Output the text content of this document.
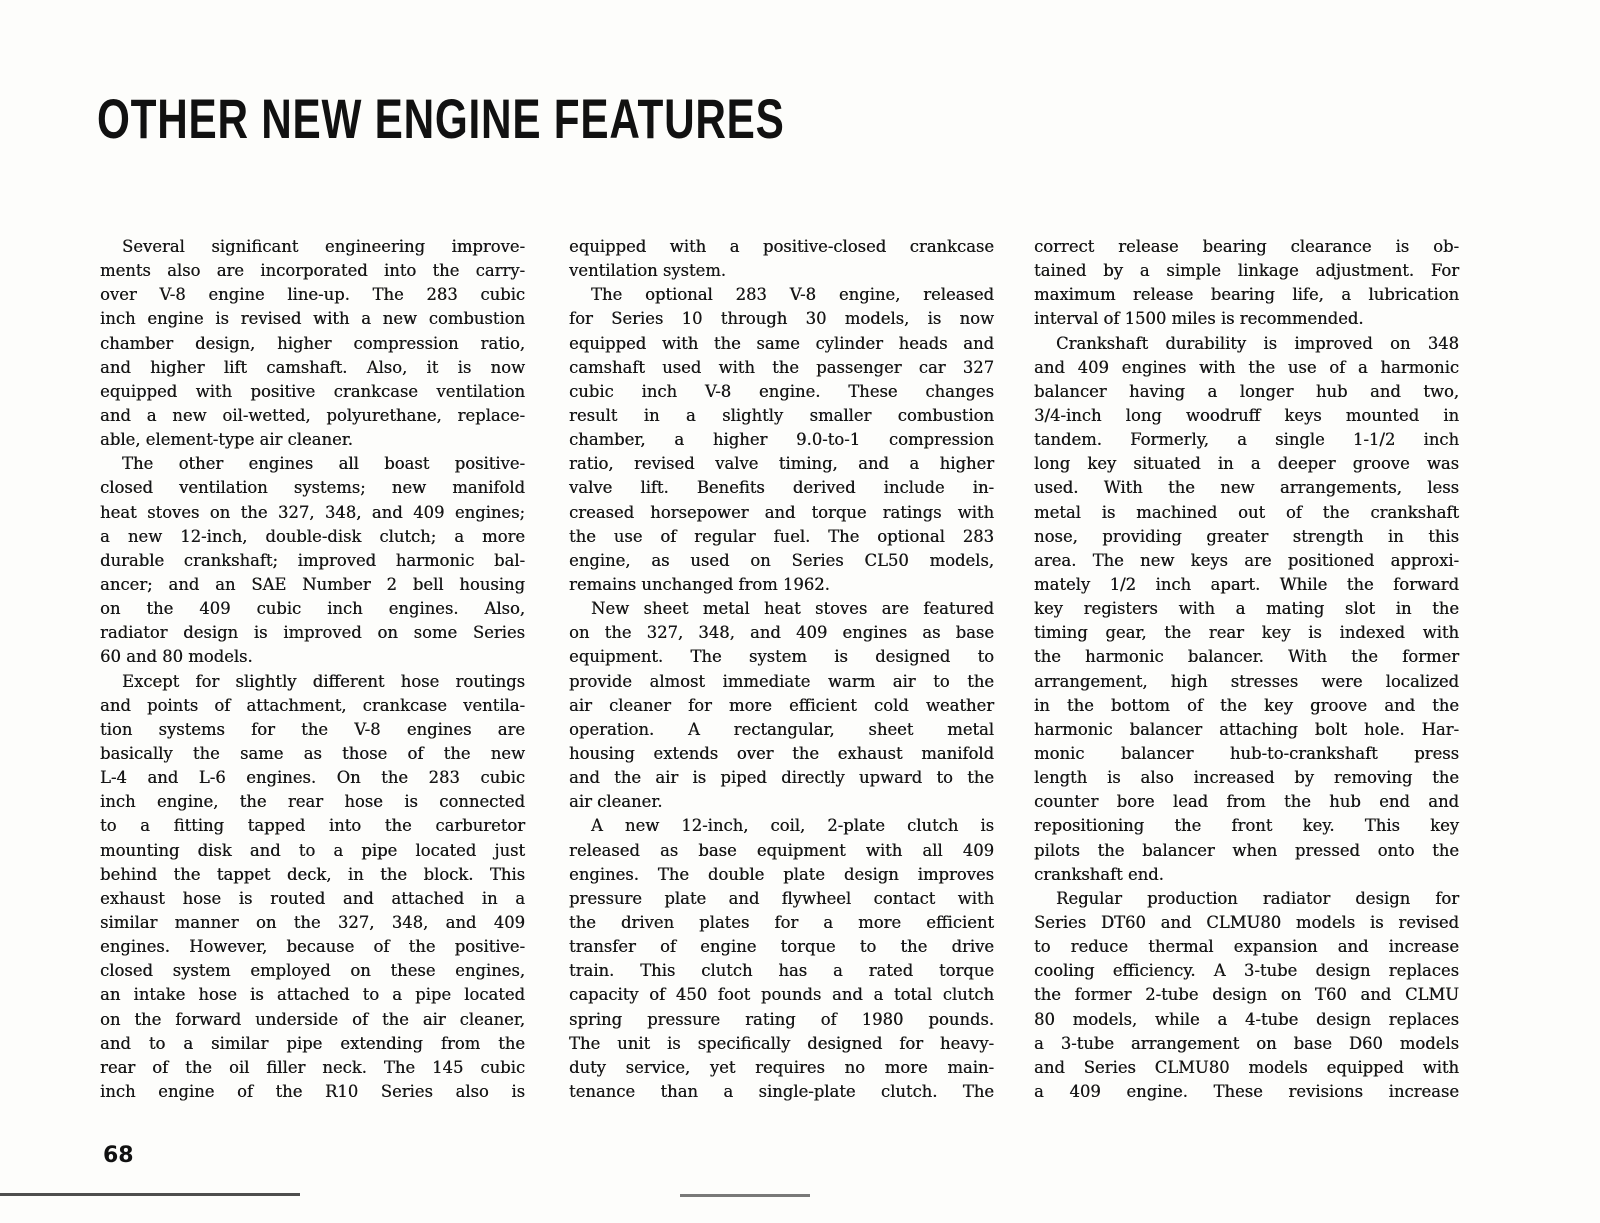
OTHER NEW ENGINE FEATURES
Several significant engineering improve-
ments also are incorporated into the carry-
over V-8 engine line-up. The 283 cubic
inch engine is revised with a new combustion
chamber design, higher compression ratio,
and higher lift camshaft. Also, it is now
equipped with positive crankcase ventilation
and a new oil-wetted, polyurethane, replace-
able, element-type air cleaner.
The other engines all boast positive-
closed ventilation systems; new manifold
heat stoves on the 327, 348, and 409 engines;
a new 12-inch, double-disk clutch; a more
durable crankshaft; improved harmonic bal-
ancer; and an SAE Number 2 bell housing
on the 409 cubic inch engines. Also,
radiator design is improved on some Series
60 and 80 models.
Except for slightly different hose routings
and points of attachment, crankcase ventila-
tion systems for the V-8 engines are
basically the same as those of the new
L-4 and L-6 engines. On the 283 cubic
inch engine, the rear hose is connected
to a fitting tapped into the carburetor
mounting disk and to a pipe located just
behind the tappet deck, in the block. This
exhaust hose is routed and attached in a
similar manner on the 327, 348, and 409
engines. However, because of the positive-
closed system employed on these engines,
an intake hose is attached to a pipe located
on the forward underside of the air cleaner,
and to a similar pipe extending from the
rear of the oil filler neck. The 145 cubic
inch engine of the R10 Series also is
equipped with a positive-closed crankcase
ventilation system.
The optional 283 V-8 engine, released
for Series 10 through 30 models, is now
equipped with the same cylinder heads and
camshaft used with the passenger car 327
cubic inch V-8 engine. These changes
result in a slightly smaller combustion
chamber, a higher 9.0-to-1 compression
ratio, revised valve timing, and a higher
valve lift. Benefits derived include in-
creased horsepower and torque ratings with
the use of regular fuel. The optional 283
engine, as used on Series CL50 models,
remains unchanged from 1962.
New sheet metal heat stoves are featured
on the 327, 348, and 409 engines as base
equipment. The system is designed to
provide almost immediate warm air to the
air cleaner for more efficient cold weather
operation. A rectangular, sheet metal
housing extends over the exhaust manifold
and the air is piped directly upward to the
air cleaner.
A new 12-inch, coil, 2-plate clutch is
released as base equipment with all 409
engines. The double plate design improves
pressure plate and flywheel contact with
the driven plates for a more efficient
transfer of engine torque to the drive
train. This clutch has a rated torque
capacity of 450 foot pounds and a total clutch
spring pressure rating of 1980 pounds.
The unit is specifically designed for heavy-
duty service, yet requires no more main-
tenance than a single-plate clutch. The
correct release bearing clearance is ob-
tained by a simple linkage adjustment. For
maximum release bearing life, a lubrication
interval of 1500 miles is recommended.
Crankshaft durability is improved on 348
and 409 engines with the use of a harmonic
balancer having a longer hub and two,
3/4-inch long woodruff keys mounted in
tandem. Formerly, a single 1-1/2 inch
long key situated in a deeper groove was
used. With the new arrangements, less
metal is machined out of the crankshaft
nose, providing greater strength in this
area. The new keys are positioned approxi-
mately 1/2 inch apart. While the forward
key registers with a mating slot in the
timing gear, the rear key is indexed with
the harmonic balancer. With the former
arrangement, high stresses were localized
in the bottom of the key groove and the
harmonic balancer attaching bolt hole. Har-
monic balancer hub-to-crankshaft press
length is also increased by removing the
counter bore lead from the hub end and
repositioning the front key. This key
pilots the balancer when pressed onto the
crankshaft end.
Regular production radiator design for
Series DT60 and CLMU80 models is revised
to reduce thermal expansion and increase
cooling efficiency. A 3-tube design replaces
the former 2-tube design on T60 and CLMU
80 models, while a 4-tube design replaces
a 3-tube arrangement on base D60 models
and Series CLMU80 models equipped with
a 409 engine. These revisions increase
68
